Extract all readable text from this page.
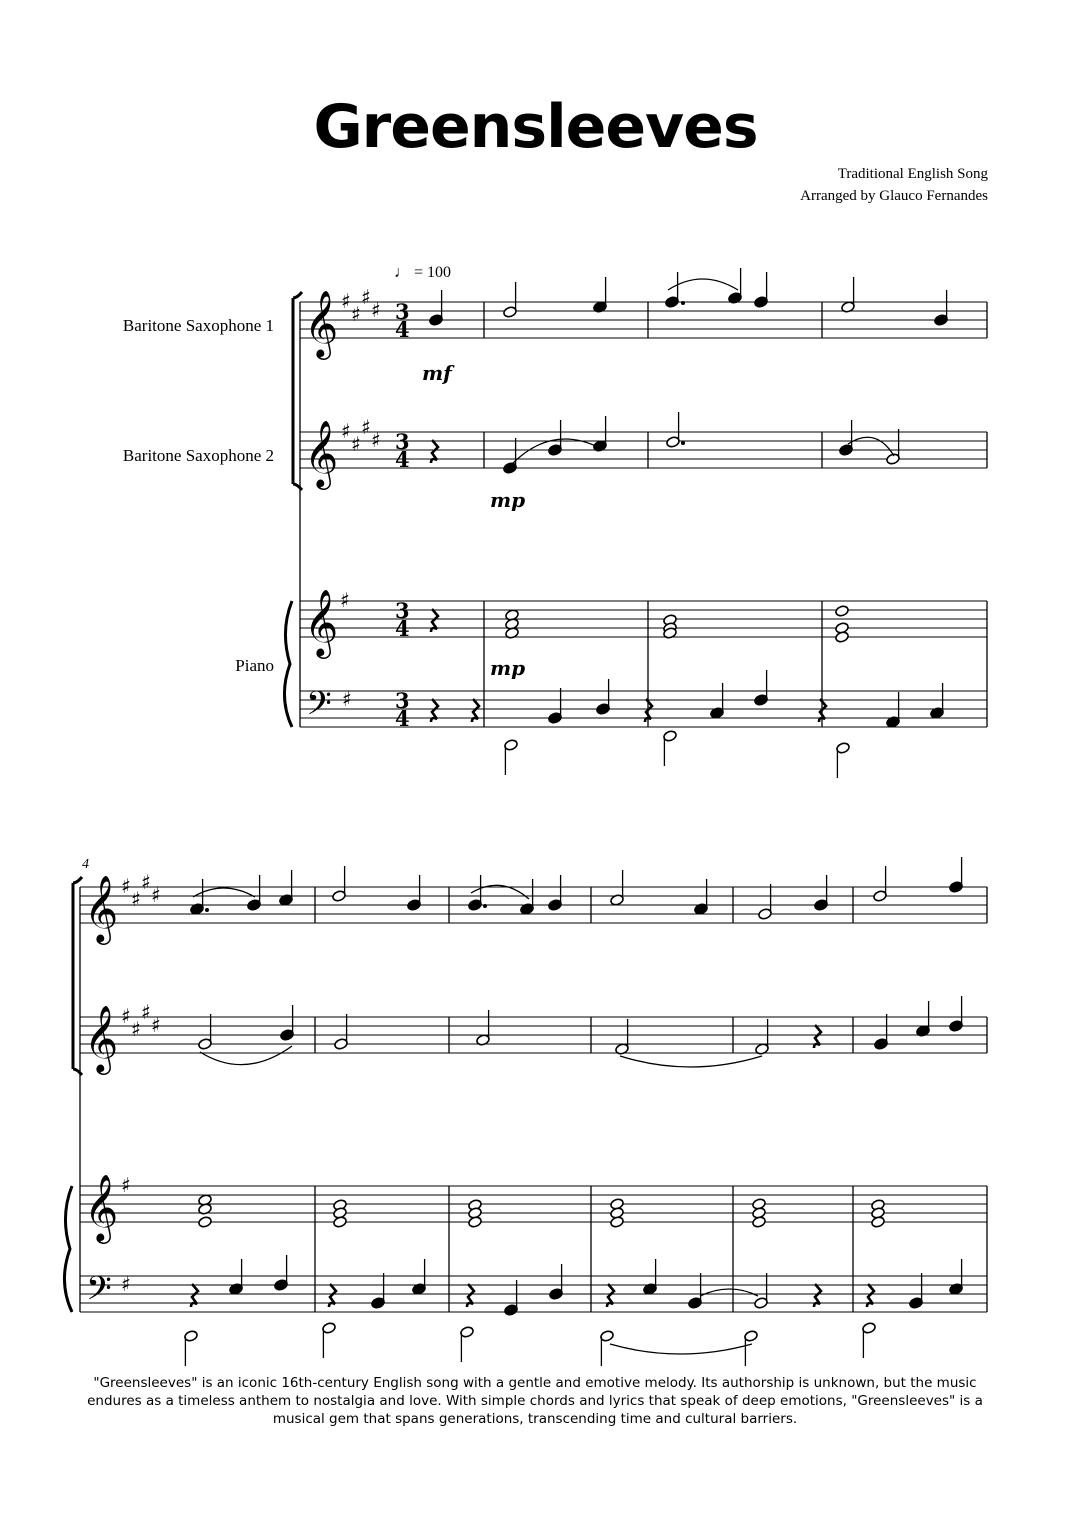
Greensleeves
Traditional English Song
Arranged by Glauco Fernandes
♩ = 100
Baritone Saxophone 1
Baritone Saxophone 2
Piano
𝄞 ♯
♯
♯
♯ 3
4
𝄞 ♯
♯
♯
♯ 3
4
𝄞 ♯ 3
4
𝄢 ♯ 3
4
mf
mp
mp
4
𝄞 ♯
♯
♯
♯
𝄞 ♯
♯
♯
♯
𝄞 ♯
𝄢 ♯
"Greensleeves" is an iconic 16th-century English song with a gentle and emotive melody. Its authorship is unknown, but the music endures as a timeless anthem to nostalgia and love. With simple chords and lyrics that speak of deep emotions, "Greensleeves" is a musical gem that spans generations, transcending time and cultural barriers.
